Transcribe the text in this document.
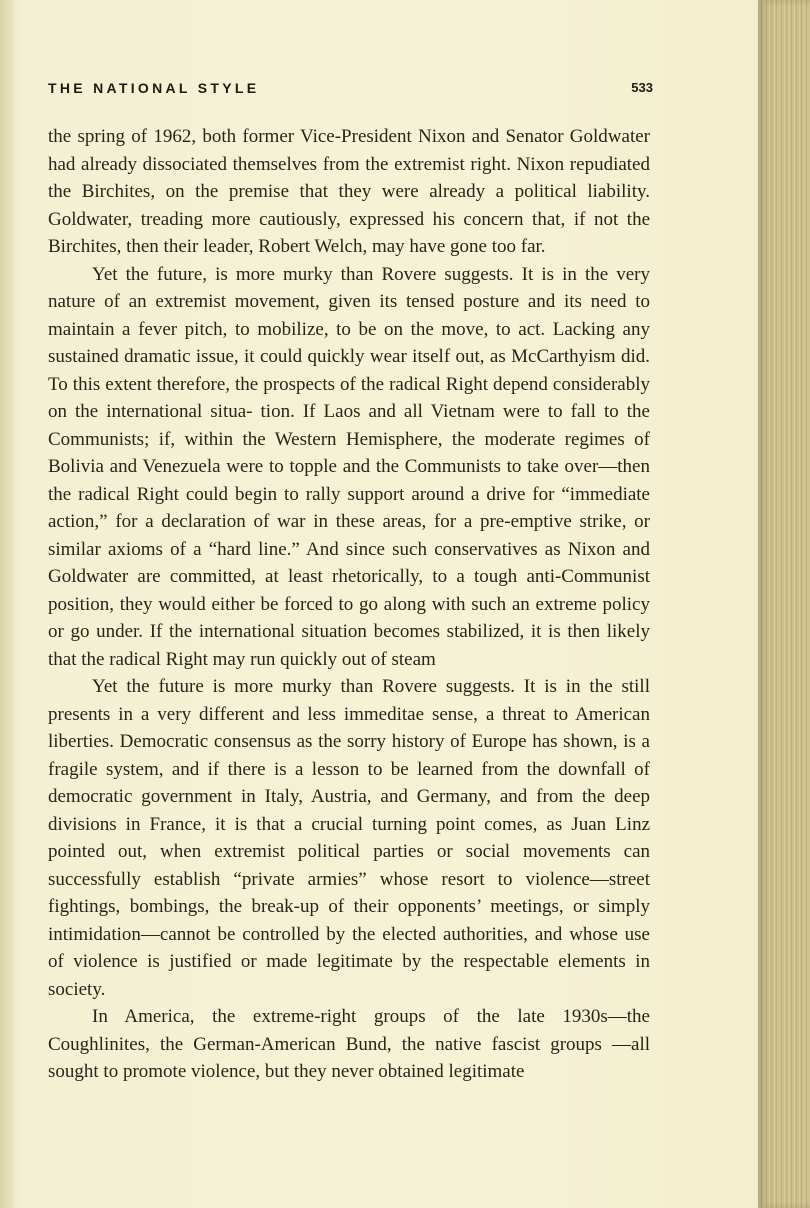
THE NATIONAL STYLE	533

the spring of 1962, both former Vice-President Nixon and Senator Goldwater had already dissociated themselves from the extremist right. Nixon repudiated the Birchites, on the premise that they were already a political liability. Goldwater, treading more cautiously, expressed his concern that, if not the Birchites, then their leader, Robert Welch, may have gone too far.

Yet the future, is more murky than Rovere suggests. It is in the very nature of an extremist movement, given its tensed posture and its need to maintain a fever pitch, to mobilize, to be on the move, to act. Lacking any sustained dramatic issue, it could quickly wear itself out, as McCarthyism did. To this extent therefore, the prospects of the radical Right depend considerably on the international situa- tion. If Laos and all Vietnam were to fall to the Communists; if, within the Western Hemisphere, the moderate regimes of Bolivia and Venezuela were to topple and the Communists to take over—then the radical Right could begin to rally support around a drive for “immediate action,” for a declaration of war in these areas, for a pre-emptive strike, or similar axioms of a “hard line.” And since such conservatives as Nixon and Goldwater are committed, at least rhetorically, to a tough anti-Communist position, they would either be forced to go along with such an extreme policy or go under. If the international situation becomes stabilized, it is then likely that the radical Right may run quickly out of steam

Yet the future is more murky than Rovere suggests. It is in the still presents in a very different and less immeditae sense, a threat to American liberties. Democratic consensus as the sorry history of Europe has shown, is a fragile system, and if there is a lesson to be learned from the downfall of democratic government in Italy, Austria, and Germany, and from the deep divisions in France, it is that a crucial turning point comes, as Juan Linz pointed out, when extremist political parties or social movements can successfully establish “private armies” whose resort to violence—street fightings, bombings, the break-up of their opponents’ meetings, or simply intimidation—cannot be controlled by the elected authorities, and whose use of violence is justified or made legitimate by the respectable elements in society.

In America, the extreme-right groups of the late 1930s—the Coughlinites, the German-American Bund, the native fascist groups —all sought to promote violence, but they never obtained legitimate
